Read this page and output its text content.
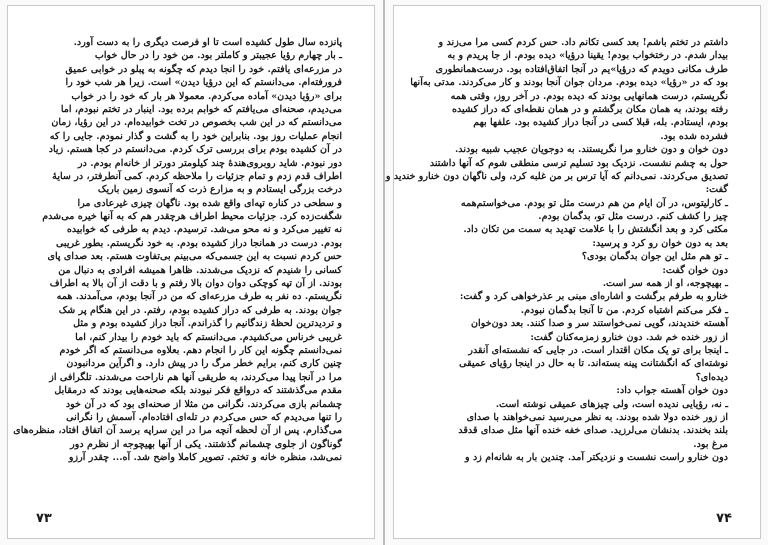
پانزده سال طول کشیده است تا او فرصت دیگری را به دست آورد.
ـ بار چهارم رؤیا عجیبتر و کاملتر بود. من خود را در حال خواب
در مزرعه‌ای یافتم. خود را انجا دیدم که چگونه به پبلو در خوابی عمیق
فرورفته‌ام. می‌دانستم که این درؤیا دیدن» است. زیرا هر شب خود را
برای «رؤیا دیدن» آماده می‌کردم. معمولا هر بار که خود را در خواب
می‌دیدم، صحنه‌ای می‌یافتم که خوابم برده بود. اینبار در تختم نبودم، اما
می‌دانستم که در این شب بخصوص در تخت خوابیده‌ام. در این رؤیا، زمان
انجام عملیات روز بود. بنابراین خود را به گشت و گذار نمودم. جایی را که
در آن کشیده بودم برای بررسی ترک کردم. می‌دانستم در کجا هستم. زیاد
دور نبودم. شاید روبروی‌هندهٔ چند کیلومتر دورتر از خانه‌ام بودم. در
اطراف قدم زدم و تمام جزئیات را ملاحظه کردم. کمی آنطرفتر، در سایهٔ
درخت بزرگی ایستادم و به مزارع ذرت که آنسوی زمین باریک
و سطحی در کناره تپه‌ای واقع شده بود. ناگهان چیزی غیرعادی مرا
شگفت‌زده کرد. جزئیات محیط اطراف هرچقدر هم که به آنها خیره می‌شدم
نه تغییر می‌کرد و نه محو می‌شد. ترسیدم. دیدم به طرفی که خوابیده
بودم. درست در همانجا دراز کشیده بودم. به خود نگریستم. بطور غریبی
حس کردم نسبت به این جسمی‌که می‌بینم بی‌تفاوت هستم. بعد صدای پای
کسانی را شنیدم که نزدیک می‌شدند. ظاهرا همیشه افرادی به دنبال من
بودند. از آن تپه کوچکی دوان دوان بالا رفتم و با دقت از آن بالا به اطراف
نگریستم. ده نفر به طرف مزرعه‌ای که من در آنجا بودم، می‌آمدند. همه
جوان بودند. به طرفی که دراز کشیده بودم، رفتم. در این هنگام پر شک
و تردیدترین لحظهٔ زندگانیم را گذراندم. آنجا دراز کشیده بودم و مثل
غریبی خرناس می‌کشیدم. می‌دانستم که باید خودم را بیدار کنم، اما
نمی‌دانستم چگونه این کار را انجام دهم. بعلاوه می‌دانستم که اگر خودم
چنین کاری کنم، برایم خطر مرگ را در پیش دارد. و اگرآین مردانبودن
مرا در آنجا پیدا می‌کردند، به طریقی آنها هم ناراحت می‌شدند. تلگرافی از
مقدم می‌گذشتند که درواقع فکر نبودند بلکه صحنه‌هایی بودند که درمقابل
چشمانم بازی می‌کردند. نگرانی من مثلا از صحنه‌ای بود که در آن خود
را تنها می‌دیدم که حس می‌کردم در تله‌ای افتاده‌ام. آسمش را نگرانی
می‌گذارم. پس از آن لحظه آنچه مرا در این سراپه‌ برسد آن اتفاق افتاد، منظره‌های
گوناگون از جلوی چشمانم گذشتند. یکی از آنها بهیچوجه از نظرم دور
نمی‌شد، منظره خانه و تختم. تصویر کاملا واضح شد. آه... چقدر آرزو
۷۳
داشتم در تختم باشم! بعد کسی تکانم داد. حس کردم کسی مرا می‌زند و
بیدار شدم. در رختخواب بودم! یقینا درؤیا» دیده بودم. از جا پریدم و به
طرف مکانی دویدم که درؤیا»یم در آنجا اتفاق‌افتاده بود. درست‌همانطوری
بود که در «رؤیا» دیده بودم. مردان جوان آنجا بودند و کار می‌کردند. مدتی به‌آنها
نگریستم، درست همانهایی بودند که دیده بودم. در آخر روز، وقتی همه
رفته بودند، به همان مکان برگشتم و در همان نقطه‌ای که دراز کشیده
بودم، ایستادم. بله، قبلا کسی در آنجا دراز کشیده بود. علفها بهم
فشرده شده بود.
دون خوان و دون خنارو مرا نگریستند. به دوجویان عجیب شبیه بودند.
حول به چشم نشست. نزدیک بود تسلیم ترسی منطقی شوم که آنها داشتند
تصدیق می‌کردند. نمی‌دانم که آیا ترس بر من غلبه کرد، ولی ناگهان دون خنارو خندید و
گفت:
ـ کارلیتوس، در آن ایام من هم درست مثل تو بودم. می‌خواستم‌همه
چیز را کشف کنم. درست مثل تو، بدگمان بودم.
مکثی کرد و بعد انگشتش را با علامت تهدید به سمت من تکان داد.
بعد به دون خوان رو کرد و پرسید:
ـ تو هم مثل این جوان بدگمان بودی؟
دون خوان گفت:
ـ بهیچوجه، او از همه سر است.
خنارو به طرفم برگشت و اشاره‌ای مبنی بر عذرخواهی کرد و گفت:
ـ فکر می‌کنم اشتباه کردم. من تا آنجا بدگمان نبودم.
آهسته خندیدند، گویی نمی‌خواستند سر و صدا کنند. بعد دون‌خوان
از زور خنده خم شد. دون خنارو زمزمه‌کنان گفت:
ـ اینجا برای تو یک مکان اقتدار است. در جایی که نشسته‌ای آنقدر
نوشته‌ای که انگشتانت پینه بسته‌اند. تا به حال در اینجا رؤیای عمیقی
دیده‌ای؟
دون خوان آهسته جواب داد:
ـ نه، رؤیایی ندیده است، ولی چیزهای عمیقی نوشته است.
از زور خنده دولا شده بودند. به نظر می‌رسید نمی‌خواهند با صدای
بلند بخندند. بدنشان می‌لرزید. صدای خفه خنده آنها مثل صدای قدقد
مرغ بود.
دون خنارو راست نشست و نزدیکتر آمد. چندین بار به شانه‌ام زد و
۷۴
